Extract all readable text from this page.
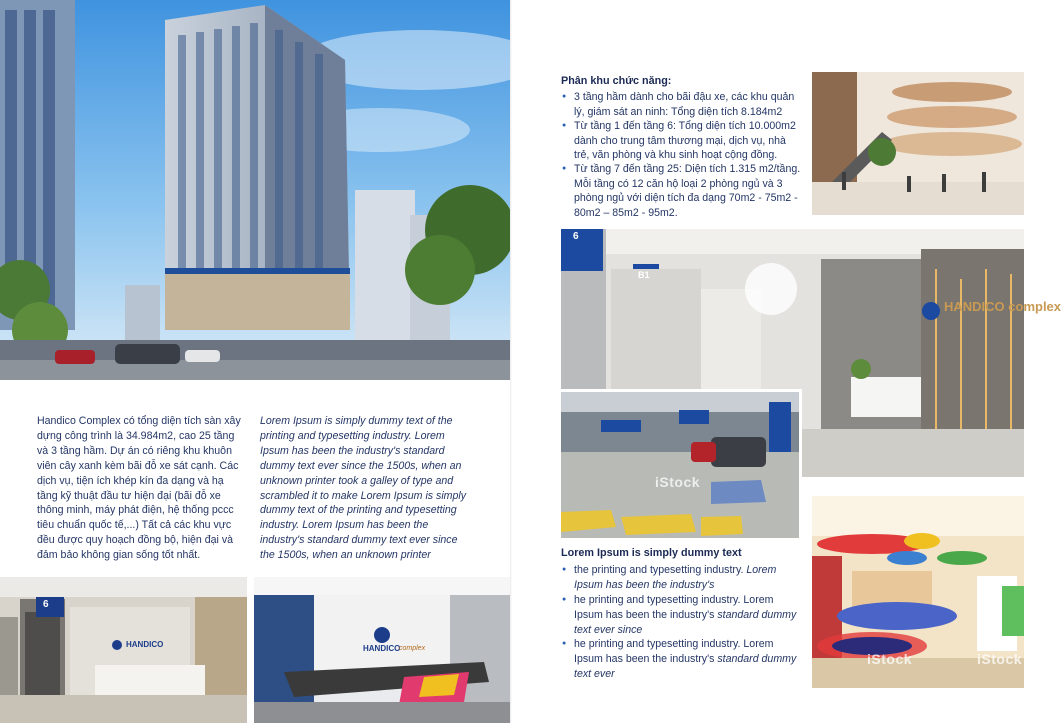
Handico Complex có tổng diện tích sàn xây dựng công trình là 34.984m2, cao 25 tầng và 3 tầng hầm. Dự án có riêng khu khuôn viên cây xanh kèm bãi đỗ xe sát cạnh. Các dịch vụ, tiện ích khép kín đa dạng và hạ tầng kỹ thuật đầu tư hiện đại (bãi đỗ xe thông minh, máy phát điện, hệ thống pccc tiêu chuẩn quốc tế,...) Tất cả các khu vực đều được quy hoạch đồng bộ, hiện đại và đảm bảo không gian sống tốt nhất.
Lorem Ipsum is simply dummy text of the printing and typesetting industry. Lorem Ipsum has been the industry's standard dummy text ever since the 1500s, when an unknown printer took a galley of type and scrambled it to make Lorem Ipsum is simply dummy text of the printing and typesetting industry. Lorem Ipsum has been the industry's standard dummy text ever since the 1500s, when an unknown printer
6
HANDICO	HANDICO
complex
Phân khu chức năng:
● 3 tầng hầm dành cho bãi đậu xe, các khu quản lý, giám sát an ninh: Tổng diện tích 8.184m2
● Từ tầng 1 đến tầng 6: Tổng diện tích 10.000m2 dành cho trung tâm thương mại, dịch vụ, nhà trẻ, văn phòng và khu sinh hoạt cộng đồng.
● Từ tầng 7 đến tầng 25: Diện tích 1.315 m2/tầng. Mỗi tầng có 12 căn hộ loại 2 phòng ngủ và 3 phòng ngủ với diện tích đa dạng 70m2 - 75m2 - 80m2 – 85m2 - 95m2.
6
B1
HANDICO complex
iStock
Lorem Ipsum is simply dummy text
● the printing and typesetting industry. Lorem Ipsum has been the industry's
● he printing and typesetting industry. Lorem Ipsum has been the industry's standard dummy text ever since
● he printing and typesetting industry. Lorem Ipsum has been the industry's standard dummy text ever
iStock	iStock
